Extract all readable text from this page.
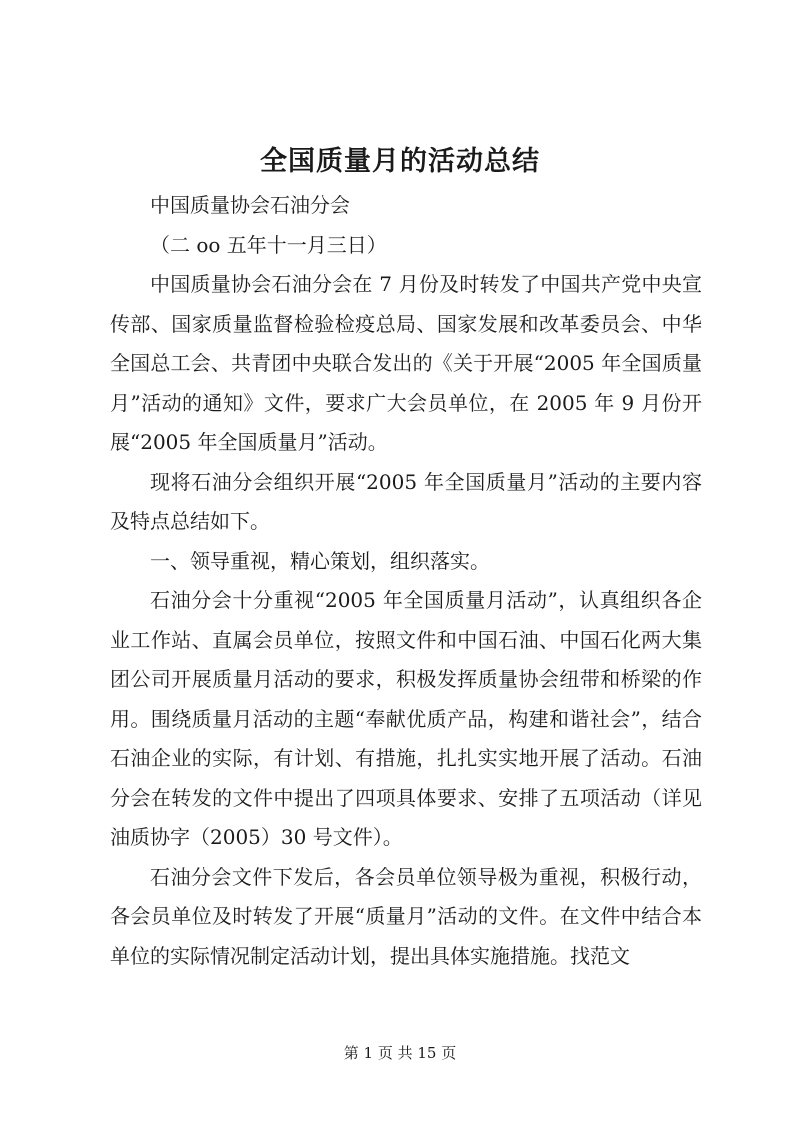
全国质量月的活动总结

中国质量协会石油分会

（二 oo 五年十一月三日）

中国质量协会石油分会在 7 月份及时转发了中国共产党中央宣传部、国家质量监督检验检疫总局、国家发展和改革委员会、中华全国总工会、共青团中央联合发出的《关于开展“2005 年全国质量月”活动的通知》文件，要求广大会员单位，在 2005 年 9 月份开展“2005 年全国质量月”活动。

现将石油分会组织开展“2005 年全国质量月”活动的主要内容及特点总结如下。

一、领导重视，精心策划，组织落实。

石油分会十分重视“2005 年全国质量月活动”，认真组织各企业工作站、直属会员单位，按照文件和中国石油、中国石化两大集团公司开展质量月活动的要求，积极发挥质量协会纽带和桥梁的作用。围绕质量月活动的主题“奉献优质产品，构建和谐社会”，结合石油企业的实际，有计划、有措施，扎扎实实地开展了活动。石油分会在转发的文件中提出了四项具体要求、安排了五项活动（详见油质协字（2005）30 号文件）。

石油分会文件下发后，各会员单位领导极为重视，积极行动，各会员单位及时转发了开展“质量月”活动的文件。在文件中结合本单位的实际情况制定活动计划，提出具体实施措施。找范文

第 1 页 共 15 页
